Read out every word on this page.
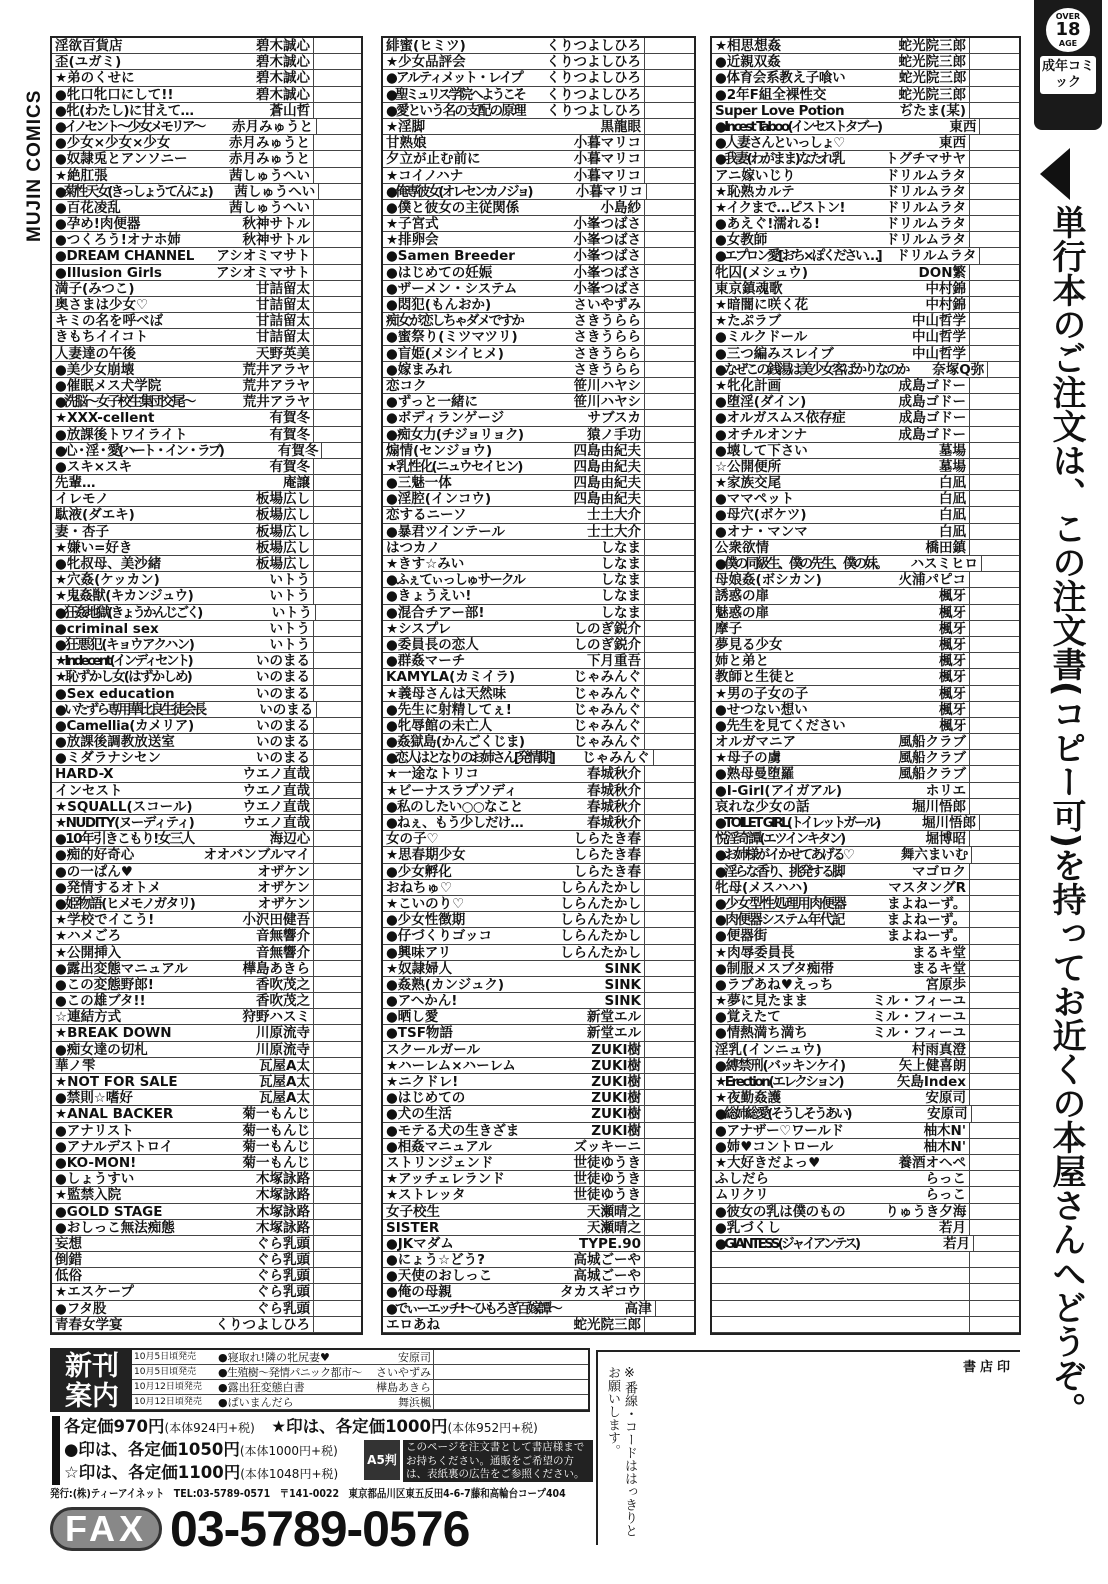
MUJIN COMICS
淫欲百貨店	碧木誠心
歪(ユガミ)	碧木誠心
★弟のくせに	碧木誠心
●牝口牝口にして!!	碧木誠心
●牝(わたし)に甘えて…	蒼山哲
●イノセント〜少女メモリア〜	赤月みゅうと
●少女×少女×少女	赤月みゅうと
●奴隷兎とアンソニー	赤月みゅうと
★絶肛張	茜しゅうへい
●菊性天女(きっしょうてんにょ)	茜しゅうへい
●百花凌乱	茜しゅうへい
●孕め!肉便器	秋神サトル
●つくろう!オナホ姉	秋神サトル
●DREAM CHANNEL	アシオミマサト
●Illusion Girls	アシオミマサト
満子(みつこ)	甘詰留太
奥さまは少女♡	甘詰留太
キミの名を呼べば	甘詰留太
きもちイイコト	甘詰留太
人妻達の午後	天野英美
●美少女崩壊	荒井アラヤ
●催眠メス犬学院	荒井アラヤ
●洗脳〜女子校生集団交尾〜	荒井アラヤ
★XXX-cellent	有賀冬
●放課後トワイライト	有賀冬
●心・淫・愛(ハート・イン・ラブ)	有賀冬
●スキ×スキ	有賀冬
先輩…	庵譲
イレモノ	板場広し
駄液(ダエキ)	板場広し
妻・杏子	板場広し
★嫌い=好き	板場広し
●牝叔母、美沙緒	板場広し
★穴姦(ケッカン)	いトう
★鬼姦獣(キカンジュウ)	いトう
●狂姦地獄(きょうかんじごく)	いトう
●criminal sex	いトう
●狂悪犯(キョウアクハン)	いトう
★Indecent(インディセント)	いのまる
★恥ずかし女(はずかしめ)	いのまる
●Sex education	いのまる
●いたずら専用華比良生徒会長	いのまる
●Camellia(カメリア)	いのまる
●放課後調教放送室	いのまる
●ミダラナシセン	いのまる
HARD-X	ウエノ直哉
インセスト	ウエノ直哉
★SQUALL(スコール)	ウエノ直哉
★NUDITY(ヌーディティ)	ウエノ直哉
●10年引きこもり!女三人	海辺心
●痴的好奇心	オオバンブルマイ
●の一ぱん♥	オザケン
●発情するオトメ	オザケン
●姫物語(ヒメモノガタリ)	オザケン
★学校でイこう!	小沢田健吾
★ハメごろ	音無響介
★公開挿入	音無響介
●露出変態マニュアル	樺島あきら
●この変態野郎!	香吹茂之
●この雄ブタ!!	香吹茂之
☆連結方式	狩野ハスミ
★BREAK DOWN	川原流寺
●痴女達の切札	川原流寺
華ノ雫	瓦屋A太
★NOT FOR SALE	瓦屋A太
●禁則☆嗜好	瓦屋A太
★ANAL BACKER	菊一もんじ
●アナリスト	菊一もんじ
●アナルデストロイ	菊一もんじ
●KO-MON!	菊一もんじ
●しょうすい	木塚詠路
★監禁入院	木塚詠路
●GOLD STAGE	木塚詠路
●おしっこ無法痴態	木塚詠路
妄想	ぐら乳頭
倒錯	ぐら乳頭
低俗	ぐら乳頭
★エスケープ	ぐら乳頭
●フタ股	ぐら乳頭
青春女学宴	くりつよしひろ
緋蜜(ヒミツ)	くりつよしひろ
★少女品評会	くりつよしひろ
●アルティメット・レイプ	くりつよしひろ
●聖ミュリス学院へようこそ	くりつよしひろ
●愛という名の支配の原理	くりつよしひろ
★淫脚	黒龍眼
甘熟娘	小暮マリコ
夕立が止む前に	小暮マリコ
★コイノハナ	小暮マリコ
●俺専彼女(オレセンカノジョ)	小暮マリコ
●僕と彼女の主従関係	小島紗
★子宮式	小峯つばさ
★排卵会	小峯つばさ
●Samen Breeder	小峯つばさ
●はじめての妊娠	小峯つばさ
●ザーメン・システム	小峯つばさ
●悶犯(もんおか)	さいやずみ
痴女が恋しちゃダメですか	さきうらら
●蜜祭り(ミツマツリ)	さきうらら
●盲姫(メシイヒメ)	さきうらら
●嫁まみれ	さきうらら
恋コク	笹川ハヤシ
●ずっと一緒に	笹川ハヤシ
●ボディランゲージ	サブスカ
●痴女力(チジョリョク)	猿ノ手功
煽情(センジョウ)	四島由紀夫
★乳性化(ニュウセイヒン)	四島由紀夫
●三魅一体	四島由紀夫
●淫腔(インコウ)	四島由紀夫
恋するニーソ	士土大介
●暴君ツインテール	士土大介
はつカノ	しなま
★きす☆みい	しなま
●ふぇてぃっしゅサークル	しなま
●きょうえい!	しなま
●混合チアー部!	しなま
★シスプレ	しのぎ鋭介
●委員長の恋人	しのぎ鋭介
●群姦マーチ	下月重吾
KAMYLA(カミイラ)	じゃみんぐ
★義母さんは天然味	じゃみんぐ
●先生に射精してぇ!	じゃみんぐ
●牝辱館の未亡人	じゃみんぐ
●姦獄島(かんごくじま)	じゃみんぐ
●恋人はとなりのお姉さん[発情期]	じゃみんぐ
★一途なトリコ	春城秋介
★ビーナスラプソディ	春城秋介
●私のしたい○○なこと	春城秋介
●ねぇ、もう少しだけ…	春城秋介
女の子♡	しらたき春
★思春期少女	しらたき春
●少女孵化	しらたき春
おねちゅ♡	しらんたかし
★こいのり♡	しらんたかし
●少女性徴期	しらんたかし
●仔づくりゴッコ	しらんたかし
●興味アリ	しらんたかし
★奴隷婦人	SINK
●姦熟(カンジュク)	SINK
●アヘかん!	SINK
●晒し愛	新堂エル
●TSF物語	新堂エル
スクールガール	ZUKI樹
★ハーレム×ハーレム	ZUKI樹
★ニクドレ!	ZUKI樹
●はじめての	ZUKI樹
●犬の生活	ZUKI樹
●モテる犬の生きざま	ZUKI樹
●相姦マニュアル	ズッキーニ
ストリンジェンド	世徒ゆうき
★アッチェレランド	世徒ゆうき
★ストレッタ	世徒ゆうき
女子校生	天瀬晴之
SISTER	天瀬晴之
●JKマダム	TYPE.90
●にょう☆どう?	高城ごーや
●天使のおしっこ	高城ごーや
●俺の母親	タカスギコウ
●でぃーエッチ!〜ひもろぎ百嫁譚〜	高津
エロあね	蛇光院三郎
★相思想姦	蛇光院三郎
●近親双姦	蛇光院三郎
●体育会系教え子喰い	蛇光院三郎
●2年F組全裸性交	蛇光院三郎
Super Love Potion	ぢたま(某)
●Incest Taboo(インセストタブー)	東西
●人妻さんといっしょ♡	東西
●我妻(わがまま)なたれ乳	トグチマサヤ
アニ嫁いじり	ドリルムラタ
★恥熟カルテ	ドリルムラタ
★イクまで…ピストン!	ドリルムラタ
●あえぐ!濡れる!	ドリルムラタ
●女教師	ドリルムラタ
●エプロン愛[おち×ぽください…]	ドリルムラタ
牝囚(メシュウ)	DON繁
東京鎮魂歌	中村錦
★暗闇に咲く花	中村錦
★たぷラブ	中山哲学
●ミルクドール	中山哲学
●三つ編みスレイブ	中山哲学
●なぜこの銭湯は美少女客ばかりなのか	奈塚Q弥
★牝化計画	成島ゴドー
●堕淫(ダイン)	成島ゴドー
●オルガスムス依存症	成島ゴドー
●オチルオンナ	成島ゴドー
●壊して下さい	墓場
☆公開便所	墓場
★家族交尾	白凪
●ママペット	白凪
●母穴(ボケツ)	白凪
●オナ・マンマ	白凪
公衆欲情	橋田鎮
●僕の同級生、僕の先生、僕の妹。	ハスミヒロ
母娘姦(ボシカン)	火浦パピコ
誘惑の扉	楓牙
魅惑の扉	楓牙
摩子	楓牙
夢見る少女	楓牙
姉と弟と	楓牙
教師と生徒と	楓牙
★男の子女の子	楓牙
●せつない想い	楓牙
●先生を見てください	楓牙
オルガマニア	風船クラブ
★母子の虜	風船クラブ
●熟母曼堕羅	風船クラブ
●I-Girl(アイガアル)	ホリエ
哀れな少女の話	堀川悟郎
●TOILET GIRL(トイレットガール)	堀川悟郎
悦淫奇譚(エツインキタン)	堀博昭
●お姉様がイかせてあげる♡	舞六まいむ
●淫らな香り、挑発する脚	マゴロク
牝母(メスハハ)	マスタングR
●少女型性処理用肉便器	まよねーず。
●肉便器システム年代記	まよねーず。
●便器街	まよねーず。
★肉辱委員長	まるキ堂
●制服メスブタ痴帯	まるキ堂
●ラブあね♥えっち	宮原歩
★夢に見たまま	ミル・フィーユ
●覚えたて	ミル・フィーユ
●情熱満ち満ち	ミル・フィーユ
淫乳(インニュウ)	村雨真澄
●縛禁刑(バッキンケイ)	矢上健喜朗
★Erection(エレクション)	矢島Index
★夜勤姦護	安原司
●総姉総愛(そうしそうあい)	安原司
●アナザー♡ワールド	柚木N'
●姉♥コントロール	柚木N'
★大好きだよっ♥	養酒オヘペ
ふしだら	らっこ
ムリクリ	らっこ
●彼女の乳は僕のもの	りゅうき夕海
●乳づくし	若月
●GIANTESS(ジャイアンテス)	若月
OVER
18
AGE
成年コミック
単行本のご注文は、この注文書(コピー可)を持ってお近くの本屋さんへどうぞ。
新刊案内
10月5日頃発売	●寝取れ!隣の牝尻妻♥	安原司
10月5日頃発売	●生殖樹〜発情パニック都市〜	さいやずみ
10月12日頃発売	●露出狂変態白書	樺島あきら
10月12日頃発売	●ぱいまんだら	舞浜楓
各定価970円(本体924円+税)　 ★印は、各定価1000円(本体952円+税)
●印は、各定価1050円(本体1000円+税)
☆印は、各定価1100円(本体1048円+税)
A5判
このページを注文書として書店様までお持ちください。通販をご希望の方は、表紙裏の広告をご参照ください。
発行:(株)ティーアイネット　TEL:03-5789-0571　〒141-0022　東京都品川区東五反田4-6-7藤和高輪台コープ404
FAX 03-5789-0576
書店印
※番線・コードははっきりとお願いします。
